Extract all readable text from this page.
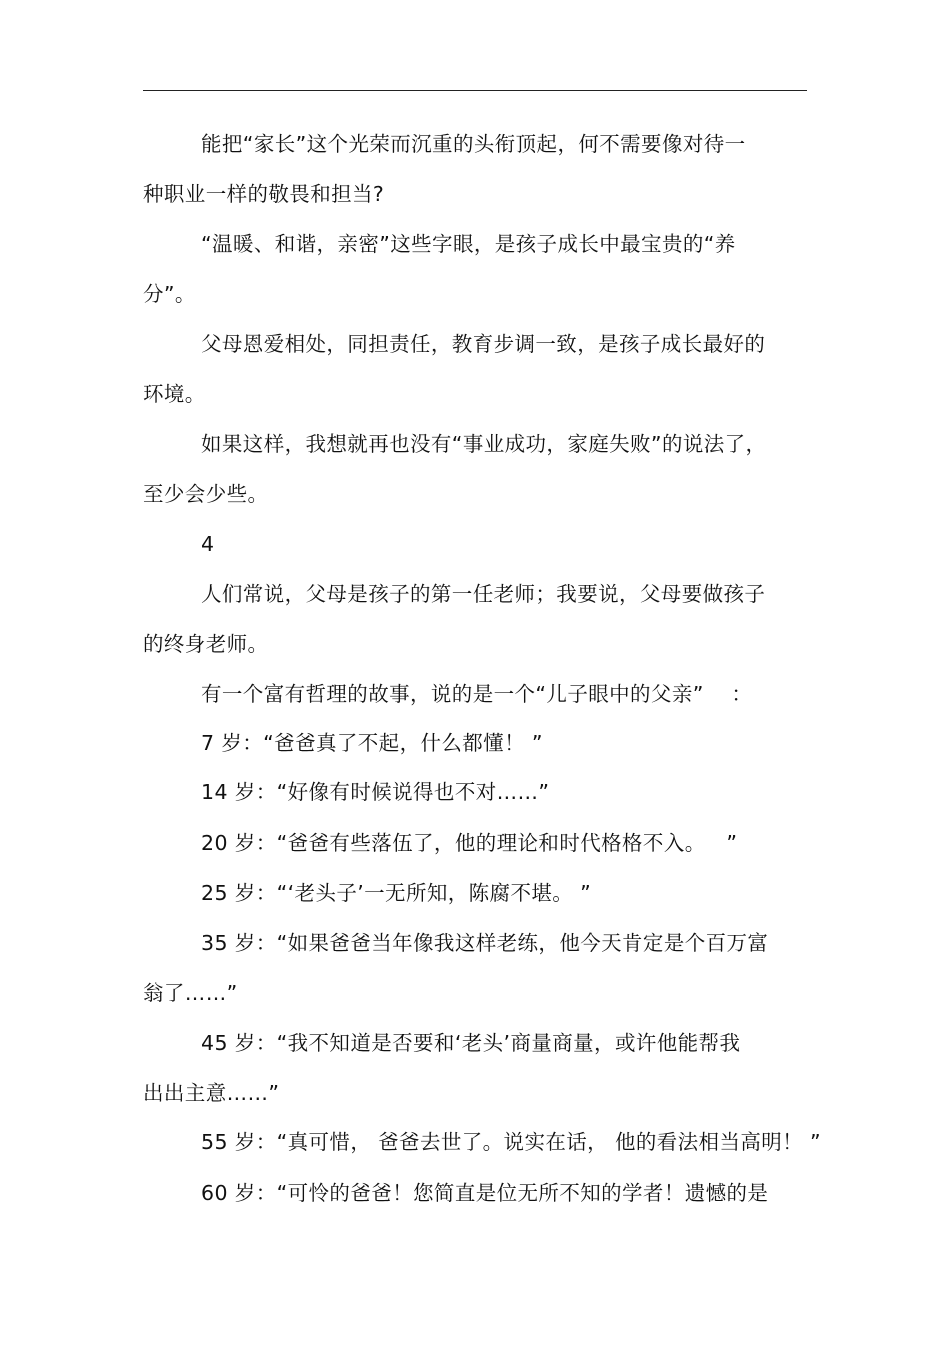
能把“家长”这个光荣而沉重的头衔顶起，何不需要像对待一
种职业一样的敬畏和担当?
“温暖、和谐，亲密”这些字眼，是孩子成长中最宝贵的“养
分”。
父母恩爱相处，同担责任，教育步调一致，是孩子成长最好的
环境。
如果这样，我想就再也没有“事业成功，家庭失败”的说法了，
至少会少些。
4
人们常说，父母是孩子的第一任老师；我要说，父母要做孩子
的终身老师。
有一个富有哲理的故事，说的是一个“儿子眼中的父亲”    ：
7 岁：“爸爸真了不起，什么都懂！ ”
14 岁：“好像有时候说得也不对……”
20 岁：“爸爸有些落伍了，他的理论和时代格格不入。   ”
25 岁：“‘老头子’一无所知，陈腐不堪。 ”
35 岁：“如果爸爸当年像我这样老练，他今天肯定是个百万富
翁了……”
45 岁：“我不知道是否要和‘老头’商量商量，或许他能帮我
出出主意……”
55 岁：“真可惜， 爸爸去世了。说实在话， 他的看法相当高明！ ”
60 岁：“可怜的爸爸！您简直是位无所不知的学者！遗憾的是
